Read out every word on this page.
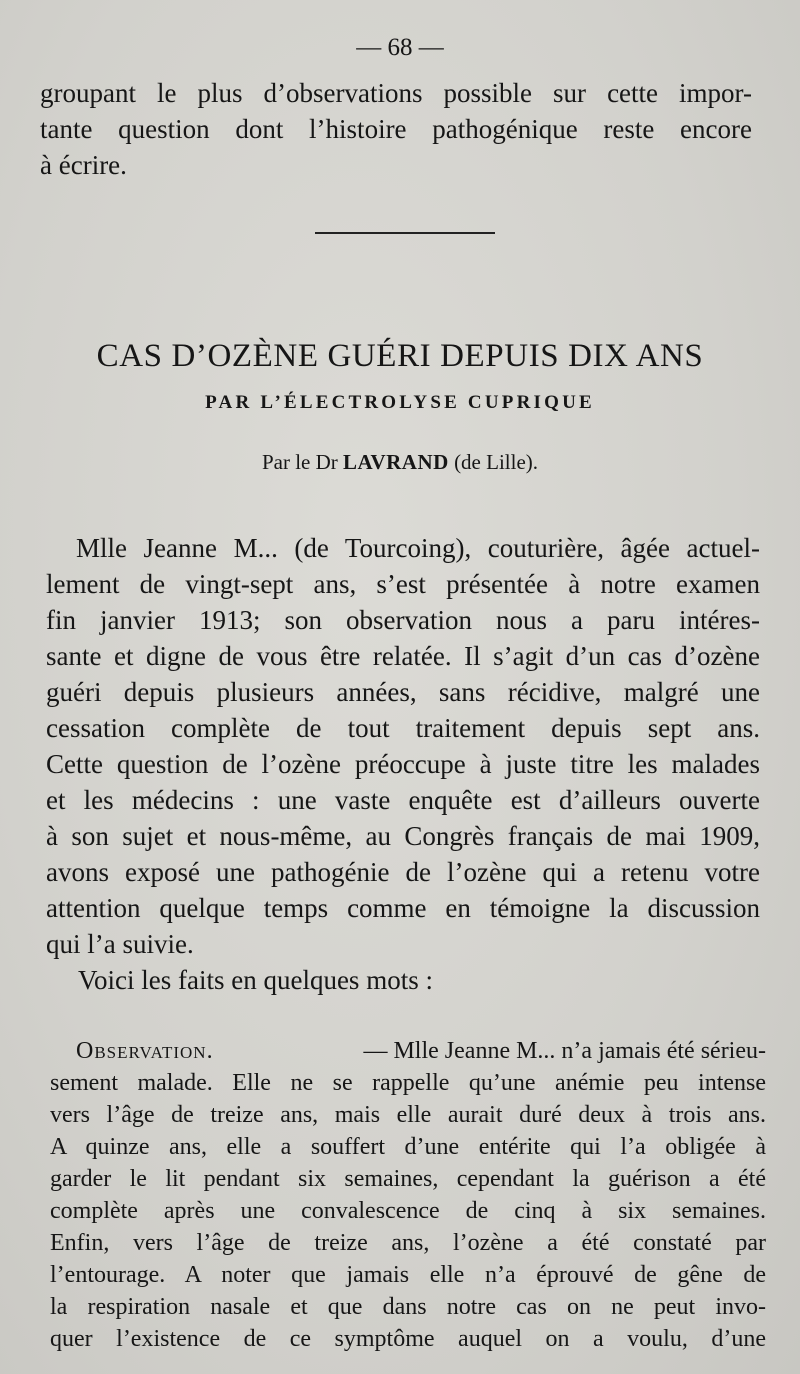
— 68 —
groupant le plus d’observations possible sur cette impor-
tante question dont l’histoire pathogénique reste encore
à écrire.
CAS D’OZÈNE GUÉRI DEPUIS DIX ANS
PAR L’ÉLECTROLYSE CUPRIQUE
Par le Dr LAVRAND (de Lille).
Mlle Jeanne M... (de Tourcoing), couturière, âgée actuel-
lement de vingt-sept ans, s’est présentée à notre examen
fin janvier 1913; son observation nous a paru intéres-
sante et digne de vous être relatée. Il s’agit d’un cas d’ozène
guéri depuis plusieurs années, sans récidive, malgré une
cessation complète de tout traitement depuis sept ans.
Cette question de l’ozène préoccupe à juste titre les malades
et les médecins : une vaste enquête est d’ailleurs ouverte
à son sujet et nous-même, au Congrès français de mai 1909,
avons exposé une pathogénie de l’ozène qui a retenu votre
attention quelque temps comme en témoigne la discussion
qui l’a suivie.
Voici les faits en quelques mots :
Observation.	— Mlle Jeanne M... n’a jamais été sérieu-
sement malade. Elle ne se rappelle qu’une anémie peu intense
vers l’âge de treize ans, mais elle aurait duré deux à trois ans.
A quinze ans, elle a souffert d’une entérite qui l’a obligée à
garder le lit pendant six semaines, cependant la guérison a été
complète après une convalescence de cinq à six semaines.
Enfin, vers l’âge de treize ans, l’ozène a été constaté par
l’entourage. A noter que jamais elle n’a éprouvé de gêne de
la respiration nasale et que dans notre cas on ne peut invo-
quer l’existence de ce symptôme auquel on a voulu, d’une
